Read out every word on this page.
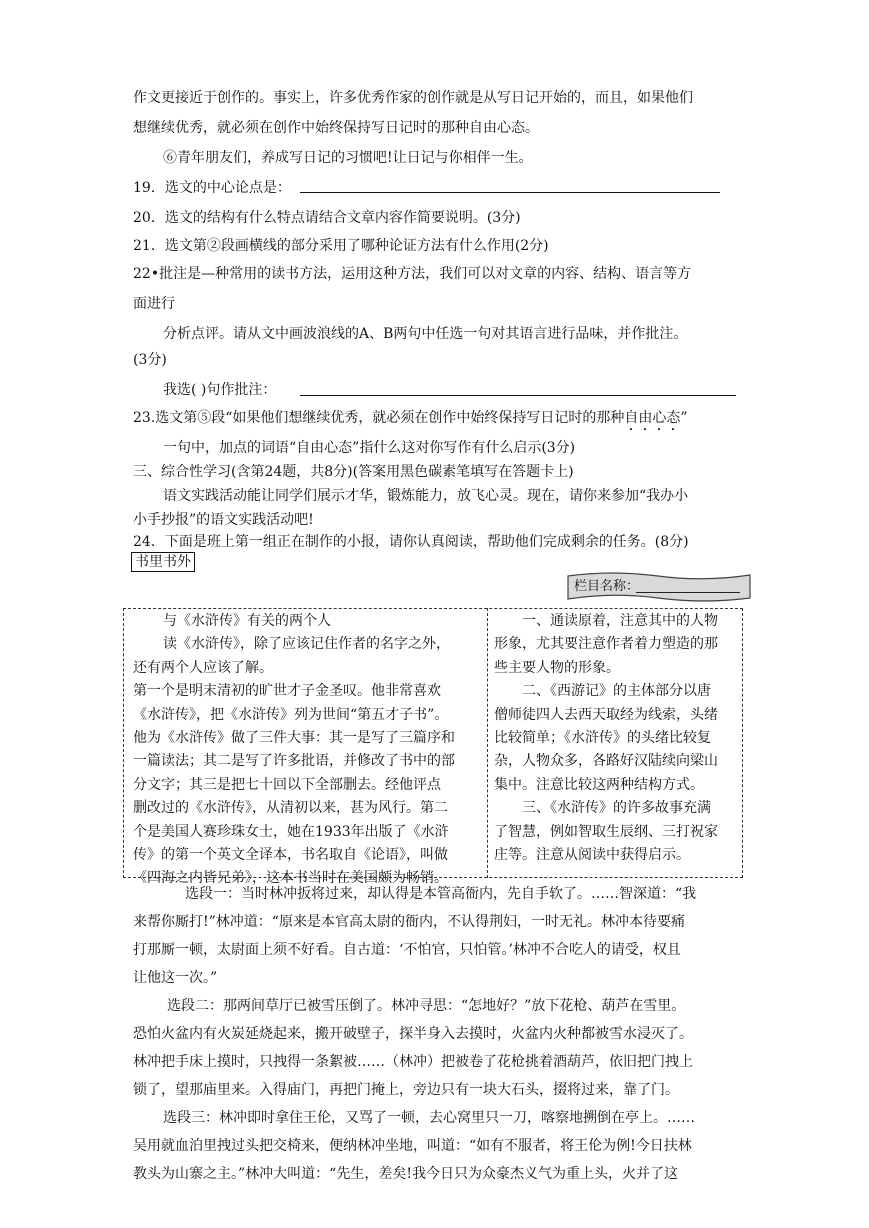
作文更接近于创作的。事实上，许多优秀作家的创作就是从写日记开始的，而且，如果他们
想继续优秀，就必须在创作中始终保持写日记时的那种自由心态。
⑥青年朋友们，养成写日记的习惯吧!让日记与你相伴一生。
19．选文的中心论点是：
20．选文的结构有什么特点请结合文章内容作简要说明。(3分)
21．选文第②段画横线的部分采用了哪种论证方法有什么作用(2分)
22•批注是—种常用的读书方法，运用这种方法，我们可以对文章的内容、结构、语言等方
面进行
分析点评。请从文中画波浪线的A、B两句中任选一句对其语言进行品味，并作批注。
(3分)
我选( )句作批注：
23.选文第⑤段“如果他们想继续优秀，就必须在创作中始终保持写日记时的那种自由心态”
一句中，加点的词语“自由心态”指什么这对你写作有什么启示(3分)
三、综合性学习(含第24题，共8分)(答案用黑色碳素笔填写在答题卡上)
语文实践活动能让同学们展示才华，锻炼能力，放飞心灵。现在，请你来参加“我办小
小手抄报”的语文实践活动吧!
24．下面是班上第一组正在制作的小报，请你认真阅读，帮助他们完成剩余的任务。(8分)
书里书外
栏目名称：

与《水浒传》有关的两个人

读《水浒传》，除了应该记住作者的名字之外，

还有两个人应该了解。

第一个是明末清初的旷世才子金圣叹。他非常喜欢

《水浒传》，把《水浒传》列为世间“第五才子书”。

他为《水浒传》做了三件大事：其一是写了三篇序和

一篇读法；其二是写了许多批语，并修改了书中的部

分文字；其三是把七十回以下全部删去。经他评点

删改过的《水浒传》，从清初以来，甚为风行。第二

个是美国人赛珍珠女士，她在1933年出版了《水浒

传》的第一个英文全译本，书名取自《论语》，叫做

《四海之内皆兄弟》，这本书当时在美国颇为畅销。

一、通读原着，注意其中的人物

形象，尤其要注意作者着力塑造的那

些主要人物的形象。

二、《西游记》的主体部分以唐

僧师徒四人去西天取经为线索，头绪

比较简单；《水浒传》的头绪比较复

杂，人物众多，各路好汉陆续向梁山

集中。注意比较这两种结构方式。

三、《水浒传》的许多故事充满

了智慧，例如智取生辰纲、三打祝家

庄等。注意从阅读中获得启示。

选段一：当时林冲扳将过来，却认得是本管高衙内，先自手软了。……智深道：“我
来帮你厮打!”林冲道：“原来是本官高太尉的衙内，不认得荆妇，一时无礼。林冲本待要痛
打那厮一顿，太尉面上须不好看。自古道：‘不怕官，只怕管。’林冲不合吃人的请受，权且
让他这一次。”
选段二：那两间草厅已被雪压倒了。林冲寻思：“怎地好？”放下花枪、葫芦在雪里。
恐怕火盆内有火炭延烧起来，搬开破壁子，探半身入去摸时，火盆内火种都被雪水浸灭了。
林冲把手床上摸时，只拽得一条絮被……（林冲）把被卷了花枪挑着酒葫芦，依旧把门拽上
锁了，望那庙里来。入得庙门，再把门掩上，旁边只有一块大石头，掇将过来，靠了门。
选段三：林冲即时拿住王伦，又骂了一顿，去心窝里只一刀，喀察地搠倒在亭上。……
吴用就血泊里拽过头把交椅来，便纳林冲坐地，叫道：“如有不服者，将王伦为例!今日扶林
教头为山寨之主。”林冲大叫道：“先生，差矣!我今日只为众豪杰义气为重上头，火并了这
